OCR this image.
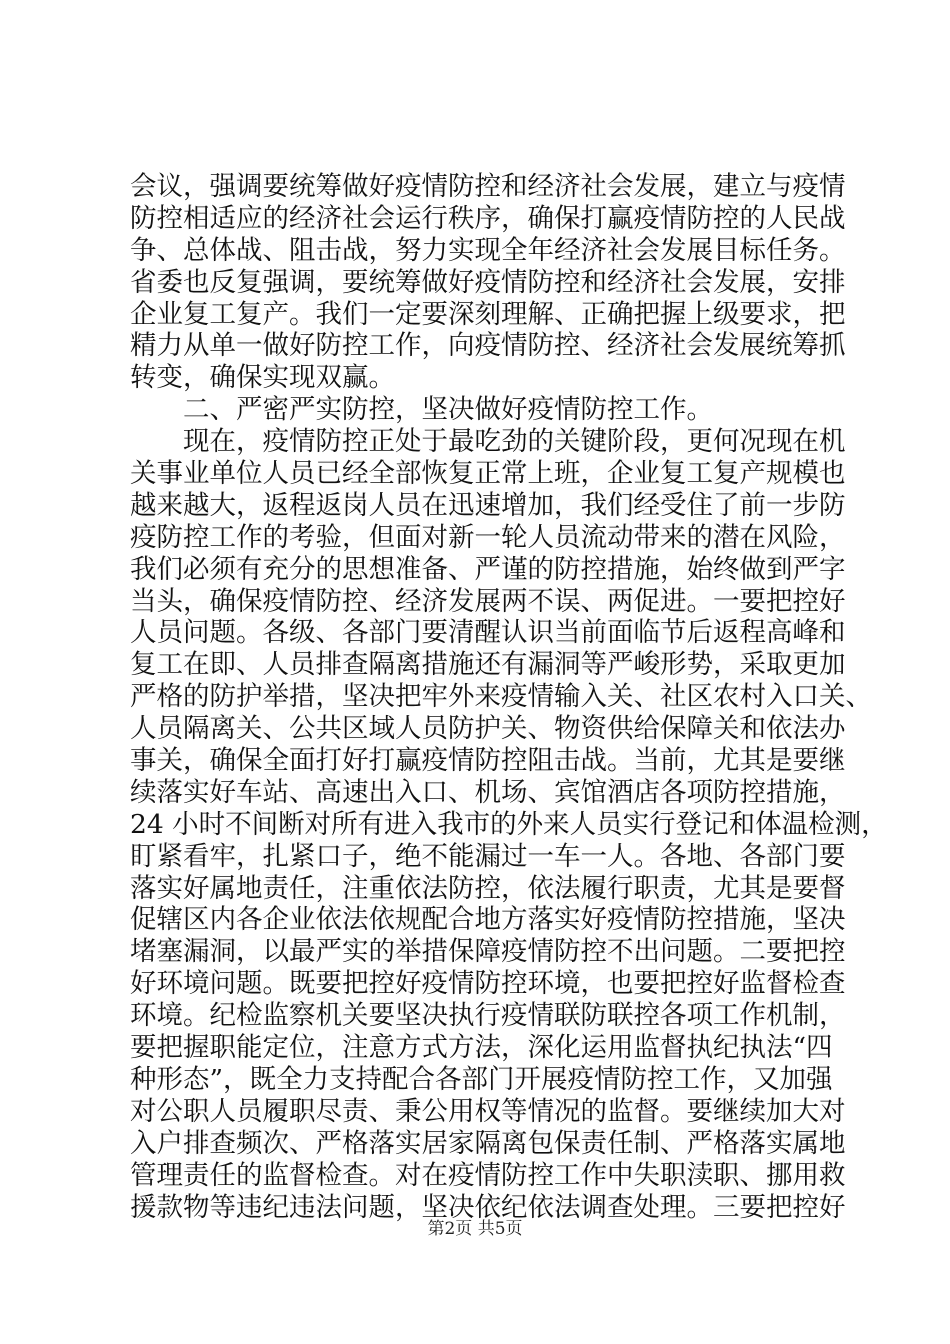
会议，强调要统筹做好疫情防控和经济社会发展，建立与疫情
防控相适应的经济社会运行秩序，确保打赢疫情防控的人民战
争、总体战、阻击战，努力实现全年经济社会发展目标任务。
省委也反复强调，要统筹做好疫情防控和经济社会发展，安排
企业复工复产。我们一定要深刻理解、正确把握上级要求，把
精力从单一做好防控工作，向疫情防控、经济社会发展统筹抓
转变，确保实现双赢。
二、严密严实防控，坚决做好疫情防控工作。
现在，疫情防控正处于最吃劲的关键阶段，更何况现在机
关事业单位人员已经全部恢复正常上班，企业复工复产规模也
越来越大，返程返岗人员在迅速增加，我们经受住了前一步防
疫防控工作的考验，但面对新一轮人员流动带来的潜在风险，
我们必须有充分的思想准备、严谨的防控措施，始终做到严字
当头，确保疫情防控、经济发展两不误、两促进。一要把控好
人员问题。各级、各部门要清醒认识当前面临节后返程高峰和
复工在即、人员排查隔离措施还有漏洞等严峻形势，采取更加
严格的防护举措，坚决把牢外来疫情输入关、社区农村入口关、
人员隔离关、公共区域人员防护关、物资供给保障关和依法办
事关，确保全面打好打赢疫情防控阻击战。当前，尤其是要继
续落实好车站、高速出入口、机场、宾馆酒店各项防控措施，
24 小时不间断对所有进入我市的外来人员实行登记和体温检测，
盯紧看牢，扎紧口子，绝不能漏过一车一人。各地、各部门要
落实好属地责任，注重依法防控，依法履行职责，尤其是要督
促辖区内各企业依法依规配合地方落实好疫情防控措施，坚决
堵塞漏洞，以最严实的举措保障疫情防控不出问题。二要把控
好环境问题。既要把控好疫情防控环境，也要把控好监督检查
环境。纪检监察机关要坚决执行疫情联防联控各项工作机制，
要把握职能定位，注意方式方法，深化运用监督执纪执法“四
种形态”，既全力支持配合各部门开展疫情防控工作，又加强
对公职人员履职尽责、秉公用权等情况的监督。要继续加大对
入户排查频次、严格落实居家隔离包保责任制、严格落实属地
管理责任的监督检查。对在疫情防控工作中失职渎职、挪用救
援款物等违纪违法问题，坚决依纪依法调查处理。三要把控好
第2页 共5页
